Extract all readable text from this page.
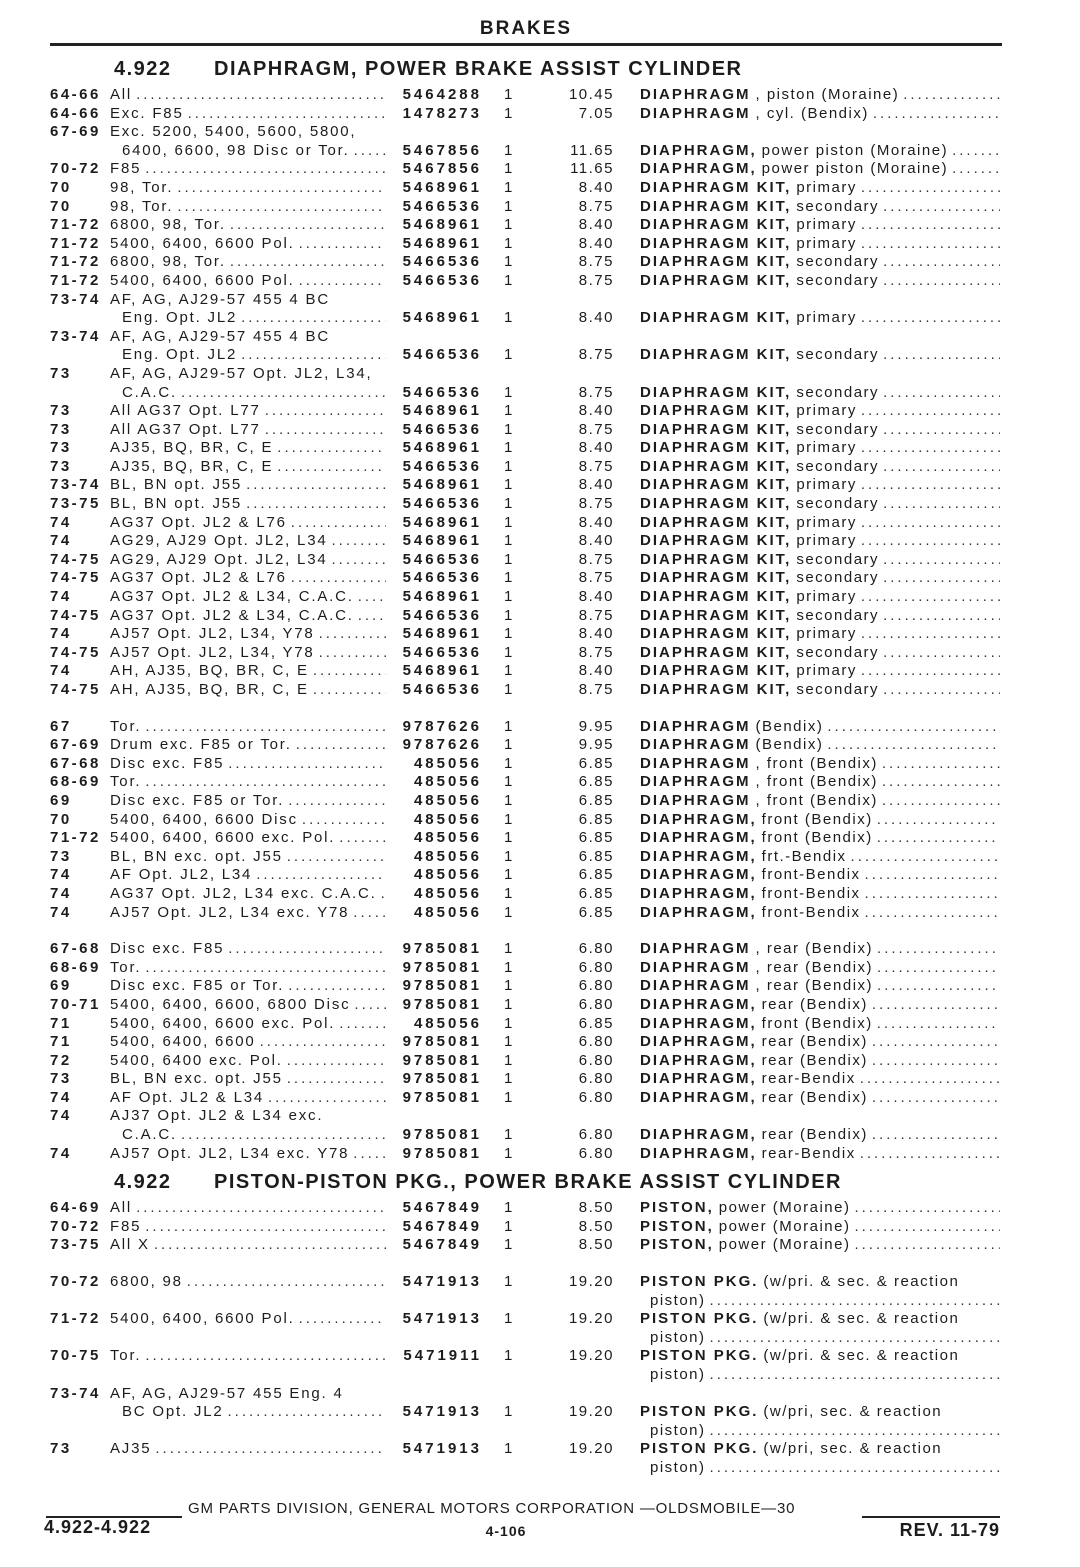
BRAKES
4.922 DIAPHRAGM, POWER BRAKE ASSIST CYLINDER
64-66 All .....	5464288 1	10.45 DIAPHRAGM , piston (Moraine)
.....
64-66 Exc. F85 .....	1478273 1	7.05 DIAPHRAGM , cyl. (Bendix)
.....
67-69 Exc. 5200, 5400, 5600, 5800,
6400, 6600, 98 Disc or Tor. .....	5467856 1	11.65 DIAPHRAGM, power piston (Moraine)
.....
70-72 F85 .....	5467856 1	11.65 DIAPHRAGM, power piston (Moraine)
.....
70	98, Tor. .....	5468961 1	8.40 DIAPHRAGM KIT, primary
.....
70	98, Tor. .....	5466536 1	8.75 DIAPHRAGM KIT, secondary
.....
71-72 6800, 98, Tor. .....	5468961 1	8.40 DIAPHRAGM KIT, primary
.....
71-72 5400, 6400, 6600 Pol. .....	5468961 1	8.40 DIAPHRAGM KIT, primary
.....
71-72 6800, 98, Tor. .....	5466536 1	8.75 DIAPHRAGM KIT, secondary
.....
71-72 5400, 6400, 6600 Pol. .....	5466536 1	8.75 DIAPHRAGM KIT, secondary
.....
73-74 AF, AG, AJ29-57 455 4 BC
Eng. Opt. JL2 .....	5468961 1	8.40 DIAPHRAGM KIT, primary
.....
73-74 AF, AG, AJ29-57 455 4 BC
Eng. Opt. JL2 .....	5466536 1	8.75 DIAPHRAGM KIT, secondary
.....
73	AF, AG, AJ29-57 Opt. JL2, L34,
C.A.C. .....	5466536 1	8.75 DIAPHRAGM KIT, secondary
.....
73	All AG37 Opt. L77 .....	5468961 1	8.40 DIAPHRAGM KIT, primary
.....
73	All AG37 Opt. L77 .....	5466536 1	8.75 DIAPHRAGM KIT, secondary
.....
73	AJ35, BQ, BR, C, E .....	5468961 1	8.40 DIAPHRAGM KIT, primary
.....
73	AJ35, BQ, BR, C, E .....	5466536 1	8.75 DIAPHRAGM KIT, secondary
.....
73-74 BL, BN opt. J55 .....	5468961 1	8.40 DIAPHRAGM KIT, primary
.....
73-75 BL, BN opt. J55 .....	5466536 1	8.75 DIAPHRAGM KIT, secondary
.....
74	AG37 Opt. JL2 & L76 .....	5468961 1	8.40 DIAPHRAGM KIT, primary
.....
74	AG29, AJ29 Opt. JL2, L34 .....	5468961 1	8.40 DIAPHRAGM KIT, primary
.....
74-75 AG29, AJ29 Opt. JL2, L34 .....	5466536 1	8.75 DIAPHRAGM KIT, secondary
.....
74-75 AG37 Opt. JL2 & L76 .....	5466536 1	8.75 DIAPHRAGM KIT, secondary
.....
74	AG37 Opt. JL2 & L34, C.A.C. .....	5468961 1	8.40 DIAPHRAGM KIT, primary
.....
74-75 AG37 Opt. JL2 & L34, C.A.C. .....	5466536 1	8.75 DIAPHRAGM KIT, secondary
.....
74	AJ57 Opt. JL2, L34, Y78 .....	5468961 1	8.40 DIAPHRAGM KIT, primary
.....
74-75 AJ57 Opt. JL2, L34, Y78 .....	5466536 1	8.75 DIAPHRAGM KIT, secondary
.....
74	AH, AJ35, BQ, BR, C, E .....	5468961 1	8.40 DIAPHRAGM KIT, primary
.....
74-75 AH, AJ35, BQ, BR, C, E .....	5466536 1	8.75 DIAPHRAGM KIT, secondary
.....
67	Tor. .....	9787626 1	9.95 DIAPHRAGM (Bendix)
.....
67-69 Drum exc. F85 or Tor. .....	9787626 1	9.95 DIAPHRAGM (Bendix)
.....
67-68 Disc exc. F85 .....	485056 1	6.85 DIAPHRAGM , front (Bendix)
.....
68-69 Tor. .....	485056 1	6.85 DIAPHRAGM , front (Bendix)
.....
69	Disc exc. F85 or Tor. .....	485056 1	6.85 DIAPHRAGM , front (Bendix)
.....
70	5400, 6400, 6600 Disc .....	485056 1	6.85 DIAPHRAGM, front (Bendix)
.....
71-72 5400, 6400, 6600 exc. Pol. .....	485056 1	6.85 DIAPHRAGM, front (Bendix)
.....
73	BL, BN exc. opt. J55 .....	485056 1	6.85 DIAPHRAGM, frt.-Bendix
.....
74	AF Opt. JL2, L34 .....	485056 1	6.85 DIAPHRAGM, front-Bendix
.....
74	AG37 Opt. JL2, L34 exc. C.A.C. .....	485056 1	6.85 DIAPHRAGM, front-Bendix
.....
74	AJ57 Opt. JL2, L34 exc. Y78 .....	485056 1	6.85 DIAPHRAGM, front-Bendix
.....
67-68 Disc exc. F85 .....	9785081 1	6.80 DIAPHRAGM , rear (Bendix)
.....
68-69 Tor. .....	9785081 1	6.80 DIAPHRAGM , rear (Bendix)
.....
69	Disc exc. F85 or Tor. .....	9785081 1	6.80 DIAPHRAGM , rear (Bendix)
.....
70-71 5400, 6400, 6600, 6800 Disc .....	9785081 1	6.80 DIAPHRAGM, rear (Bendix)
.....
71	5400, 6400, 6600 exc. Pol. .....	485056 1	6.85 DIAPHRAGM, front (Bendix)
.....
71	5400, 6400, 6600 .....	9785081 1	6.80 DIAPHRAGM, rear (Bendix)
.....
72	5400, 6400 exc. Pol. .....	9785081 1	6.80 DIAPHRAGM, rear (Bendix)
.....
73	BL, BN exc. opt. J55 .....	9785081 1	6.80 DIAPHRAGM, rear-Bendix
.....
74	AF Opt. JL2 & L34 .....	9785081 1	6.80 DIAPHRAGM, rear (Bendix)
.....
74	AJ37 Opt. JL2 & L34 exc.
C.A.C. .....	9785081 1	6.80 DIAPHRAGM, rear (Bendix)
.....
74	AJ57 Opt. JL2, L34 exc. Y78 .....	9785081 1	6.80 DIAPHRAGM, rear-Bendix
.....
4.922 PISTON-PISTON PKG., POWER BRAKE ASSIST CYLINDER
64-69 All .....	5467849 1	8.50 PISTON, power (Moraine)
.....
70-72 F85 .....	5467849 1	8.50 PISTON, power (Moraine)
.....
73-75 All X .....	5467849 1	8.50 PISTON, power (Moraine)
.....
70-72 6800, 98 .....	5471913 1	19.20 PISTON PKG. (w/pri. & sec. & reaction
piston)
.....
71-72 5400, 6400, 6600 Pol. .....	5471913 1	19.20 PISTON PKG. (w/pri. & sec. & reaction
piston)
.....
70-75 Tor. .....	5471911 1	19.20 PISTON PKG. (w/pri. & sec. & reaction
piston)
.....
73-74 AF, AG, AJ29-57 455 Eng. 4
BC Opt. JL2 .....	5471913 1	19.20 PISTON PKG. (w/pri, sec. & reaction
piston)
.....
73	AJ35 .....	5471913 1	19.20 PISTON PKG. (w/pri, sec. & reaction
piston)
.....
GM PARTS DIVISION, GENERAL MOTORS CORPORATION —OLDSMOBILE—30
4.922-4.922	4-106	REV. 11-79
